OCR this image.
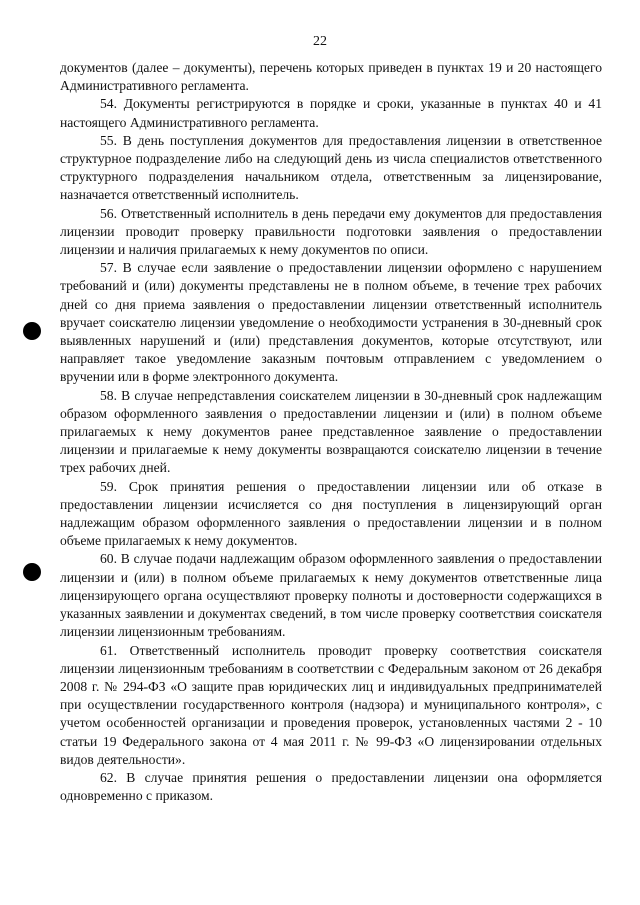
22

документов (далее – документы), перечень которых приведен в пунктах 19 и 20 настоящего Административного регламента.

54. Документы регистрируются в порядке и сроки, указанные в пунктах 40 и 41 настоящего Административного регламента.

55. В день поступления документов для предоставления лицензии в ответственное структурное подразделение либо на следующий день из числа специалистов ответственного структурного подразделения начальником отдела, ответственным за лицензирование, назначается ответственный исполнитель.

56. Ответственный исполнитель в день передачи ему документов для предоставления лицензии проводит проверку правильности подготовки заявления о предоставлении лицензии и наличия прилагаемых к нему документов по описи.

57. В случае если заявление о предоставлении лицензии оформлено с нарушением требований и (или) документы представлены не в полном объеме, в течение трех рабочих дней со дня приема заявления о предоставлении лицензии ответственный исполнитель вручает соискателю лицензии уведомление о необходимости устранения в 30-дневный срок выявленных нарушений и (или) представления документов, которые отсутствуют, или направляет такое уведомление заказным почтовым отправлением с уведомлением о вручении или в форме электронного документа.

58. В случае непредставления соискателем лицензии в 30-дневный срок надлежащим образом оформленного заявления о предоставлении лицензии и (или) в полном объеме прилагаемых к нему документов ранее представленное заявление о предоставлении лицензии и прилагаемые к нему документы возвращаются соискателю лицензии в течение трех рабочих дней.

59. Срок принятия решения о предоставлении лицензии или об отказе в предоставлении лицензии исчисляется со дня поступления в лицензирующий орган надлежащим образом оформленного заявления о предоставлении лицензии и в полном объеме прилагаемых к нему документов.

60. В случае подачи надлежащим образом оформленного заявления о предоставлении лицензии и (или) в полном объеме прилагаемых к нему документов ответственные лица лицензирующего органа осуществляют проверку полноты и достоверности содержащихся в указанных заявлении и документах сведений, в том числе проверку соответствия соискателя лицензии лицензионным требованиям.

61. Ответственный исполнитель проводит проверку соответствия соискателя лицензии лицензионным требованиям в соответствии с Федеральным законом от 26 декабря 2008 г. № 294-ФЗ «О защите прав юридических лиц и индивидуальных предпринимателей при осуществлении государственного контроля (надзора) и муниципального контроля», с учетом особенностей организации и проведения проверок, установленных частями 2 - 10 статьи 19 Федерального закона от 4 мая 2011 г. № 99-ФЗ «О лицензировании отдельных видов деятельности».

62. В случае принятия решения о предоставлении лицензии она оформляется одновременно с приказом.
